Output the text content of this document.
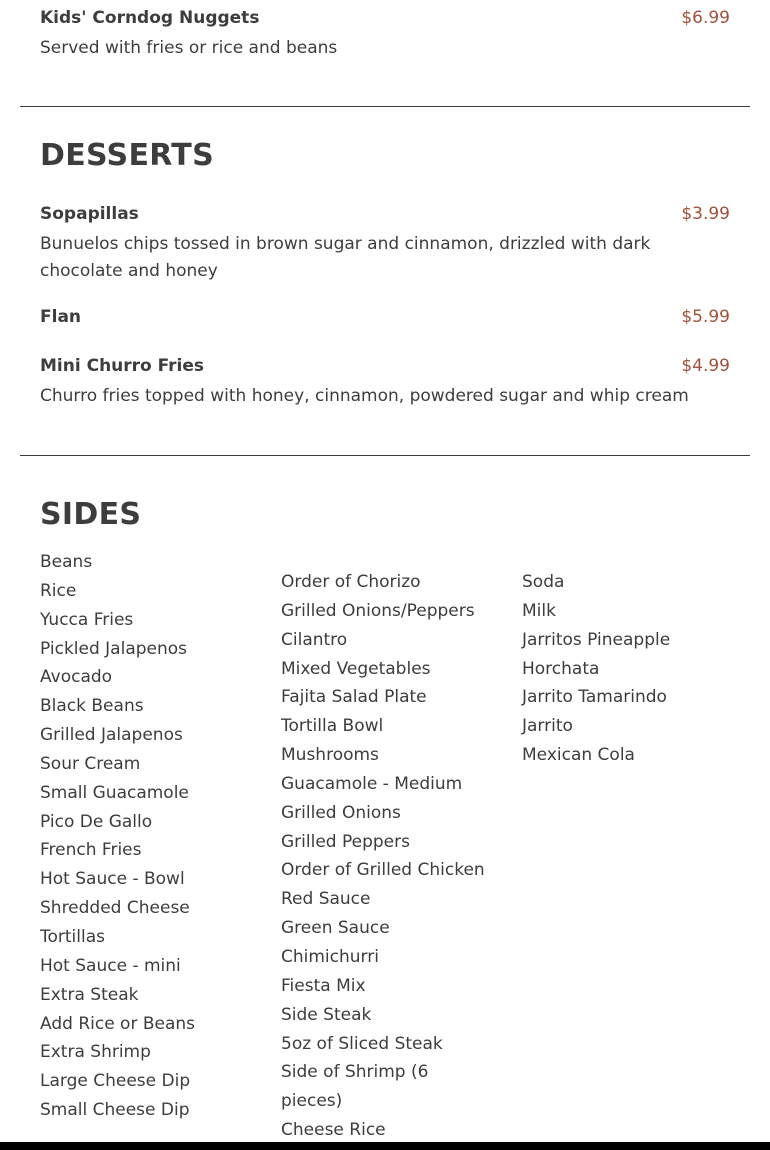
Kids' Corndog Nuggets	$6.99
Served with fries or rice and beans
DESSERTS
Sopapillas	$3.99
Bunuelos chips tossed in brown sugar and cinnamon, drizzled with dark chocolate and honey
Flan	$5.99
Mini Churro Fries	$4.99
Churro fries topped with honey, cinnamon, powdered sugar and whip cream
SIDES
Beans
Rice
Yucca Fries
Pickled Jalapenos
Avocado
Black Beans
Grilled Jalapenos
Sour Cream
Small Guacamole
Pico De Gallo
French Fries
Hot Sauce - Bowl
Shredded Cheese
Tortillas
Hot Sauce - mini
Extra Steak
Add Rice or Beans
Extra Shrimp
Large Cheese Dip
Small Cheese Dip
Order of Chorizo
Grilled Onions/Peppers
Cilantro
Mixed Vegetables
Fajita Salad Plate
Tortilla Bowl
Mushrooms
Guacamole - Medium
Grilled Onions
Grilled Peppers
Order of Grilled Chicken
Red Sauce
Green Sauce
Chimichurri
Fiesta Mix
Side Steak
5oz of Sliced Steak
Side of Shrimp (6 pieces)
Cheese Rice
Soda
Milk
Jarritos Pineapple
Horchata
Jarrito Tamarindo
Jarrito
Mexican Cola
